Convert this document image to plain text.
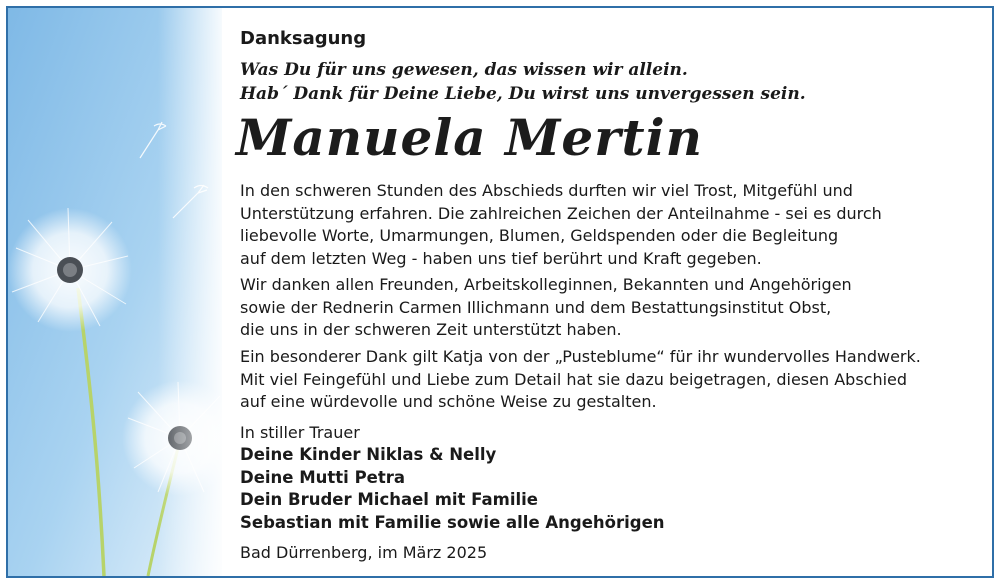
Danksagung

Was Du für uns gewesen, das wissen wir allein.
Hab´ Dank für Deine Liebe, Du wirst uns unvergessen sein.

Manuela Mertin

In den schweren Stunden des Abschieds durften wir viel Trost, Mitgefühl und
Unterstützung erfahren. Die zahlreichen Zeichen der Anteilnahme - sei es durch
liebevolle Worte, Umarmungen, Blumen, Geldspenden oder die Begleitung
auf dem letzten Weg - haben uns tief berührt und Kraft gegeben.

Wir danken allen Freunden, Arbeitskolleginnen, Bekannten und Angehörigen
sowie der Rednerin Carmen Illichmann und dem Bestattungsinstitut Obst,
die uns in der schweren Zeit unterstützt haben.

Ein besonderer Dank gilt Katja von der „Pusteblume“ für ihr wundervolles Handwerk.
Mit viel Feingefühl und Liebe zum Detail hat sie dazu beigetragen, diesen Abschied
auf eine würdevolle und schöne Weise zu gestalten.

In stiller Trauer

Deine Kinder Niklas & Nelly
Deine Mutti Petra
Dein Bruder Michael mit Familie
Sebastian mit Familie sowie alle Angehörigen

Bad Dürrenberg, im März 2025
